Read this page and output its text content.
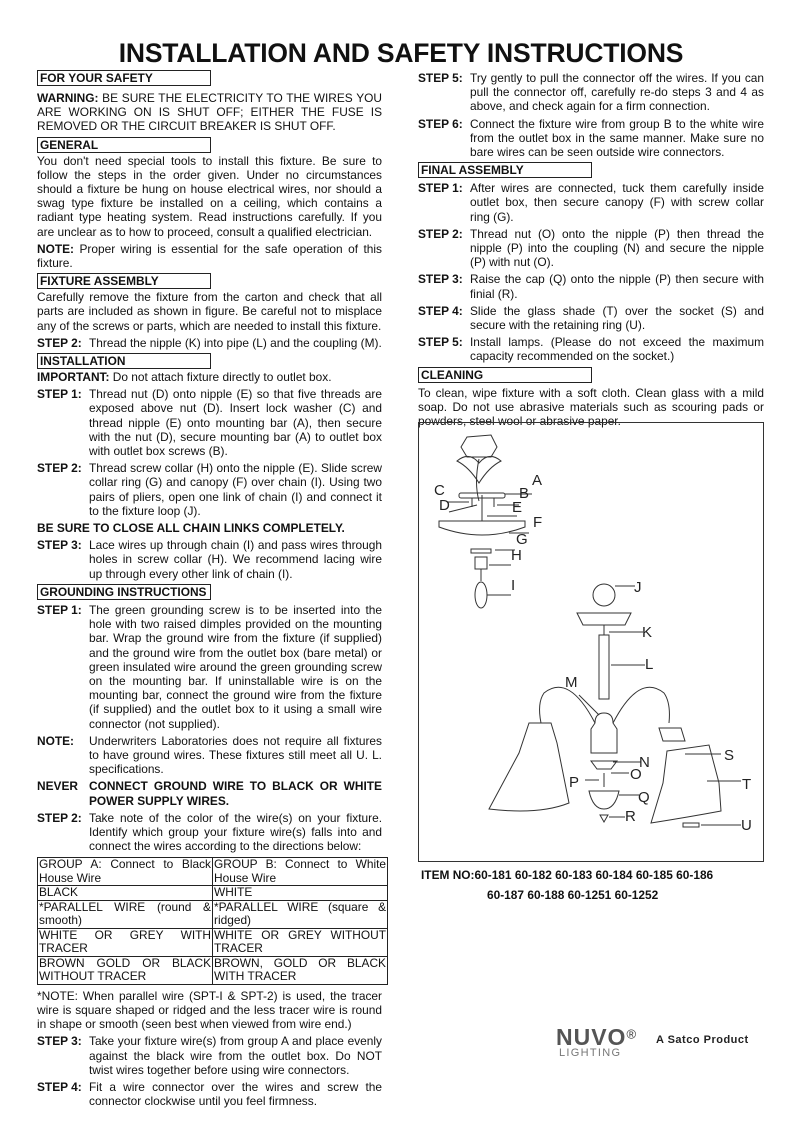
INSTALLATION AND SAFETY INSTRUCTIONS
FOR YOUR SAFETY

WARNING: BE SURE THE ELECTRICITY TO THE WIRES YOU ARE WORKING ON IS SHUT OFF; EITHER THE FUSE IS REMOVED OR THE CIRCUIT BREAKER IS SHUT OFF.

GENERAL

You don't need special tools to install this fixture. Be sure to follow the steps in the order given. Under no circumstances should a fixture be hung on house electrical wires, nor should a swag type fixture be installed on a ceiling, which contains a radiant type heating system. Read instructions carefully. If you are unclear as to how to proceed, consult a qualified electrician.

NOTE: Proper wiring is essential for the safe operation of this fixture.

FIXTURE ASSEMBLY

Carefully remove the fixture from the carton and check that all parts are included as shown in figure. Be careful not to misplace any of the screws or parts, which are needed to install this fixture.

STEP 2: Thread the nipple (K) into pipe (L) and the coupling (M).
INSTALLATION

IMPORTANT: Do not attach fixture directly to outlet box.

STEP 1: Thread nut (D) onto nipple (E) so that five threads are exposed above nut (D). Insert lock washer (C) and thread nipple (E) onto mounting bar (A), then secure with the nut (D), secure mounting bar (A) to outlet box with outlet box screws (B).
STEP 2: Thread screw collar (H) onto the nipple (E). Slide screw collar ring (G) and canopy (F) over chain (I). Using two pairs of pliers, open one link of chain (I) and connect it to the fixture loop (J).
BE SURE TO CLOSE ALL CHAIN LINKS COMPLETELY.
STEP 3: Lace wires up through chain (I) and pass wires through holes in screw collar (H). We recommend lacing wire up through every other link of chain (I).
GROUNDING INSTRUCTIONS
STEP 1: The green grounding screw is to be inserted into the hole with two raised dimples provided on the mounting bar. Wrap the ground wire from the fixture (if supplied) and the ground wire from the outlet box (bare metal) or green insulated wire around the green grounding screw on the mounting bar. If uninstallable wire is on the mounting bar, connect the ground wire from the fixture (if supplied) and the outlet box to it using a small wire connector (not supplied).
NOTE:	Underwriters Laboratories does not require all fixtures to have ground wires. These fixtures still meet all U. L. specifications.
NEVER CONNECT GROUND WIRE TO BLACK OR WHITE POWER SUPPLY WIRES.
STEP 2: Take note of the color of the wire(s) on your fixture. Identify which group your fixture wire(s) falls into and connect the wires according to the directions below:
GROUP A: Connect to Black House Wire	GROUP B: Connect to White House Wire
BLACK	WHITE
*PARALLEL WIRE (round & smooth)	*PARALLEL WIRE (square & ridged)
WHITE OR GREY WITH TRACER	WHITE OR GREY WITHOUT TRACER
BROWN GOLD OR BLACK WITHOUT TRACER	BROWN, GOLD OR BLACK WITH TRACER

*NOTE: When parallel wire (SPT-I & SPT-2) is used, the tracer wire is square shaped or ridged and the less tracer wire is round in shape or smooth (seen best when viewed from wire end.)

STEP 3: Take your fixture wire(s) from group A and place evenly against the black wire from the outlet box. Do NOT twist wires together before using wire connectors.
STEP 4: Fit a wire connector over the wires and screw the connector clockwise until you feel firmness.
STEP 5: Try gently to pull the connector off the wires. If you can pull the connector off, carefully re-do steps 3 and 4 as above, and check again for a firm connection.
STEP 6: Connect the fixture wire from group B to the white wire from the outlet box in the same manner. Make sure no bare wires can be seen outside wire connectors.
FINAL ASSEMBLY
STEP 1: After wires are connected, tuck them carefully inside outlet box, then secure canopy (F) with screw collar ring (G).
STEP 2: Thread nut (O) onto the nipple (P) then thread the nipple (P) into the coupling (N) and secure the nipple (P) with nut (O).
STEP 3: Raise the cap (Q) onto the nipple (P) then secure with finial (R).
STEP 4: Slide the glass shade (T) over the socket (S) and secure with the retaining ring (U).
STEP 5: Install lamps. (Please do not exceed the maximum capacity recommended on the socket.)
CLEANING

To clean, wipe fixture with a soft cloth. Clean glass with a mild soap. Do not use abrasive materials such as scouring pads or powders, steel wool or abrasive paper.

A
B
C
D	E
F
G
H
I	J
K
L
M
N
O
P
Q
R
S
T
U
ITEM NO:60-181 60-182 60-183 60-184 60-185 60-186
60-187 60-188 60-1251 60-1252
NUVO®
LIGHTING
A Satco Product
